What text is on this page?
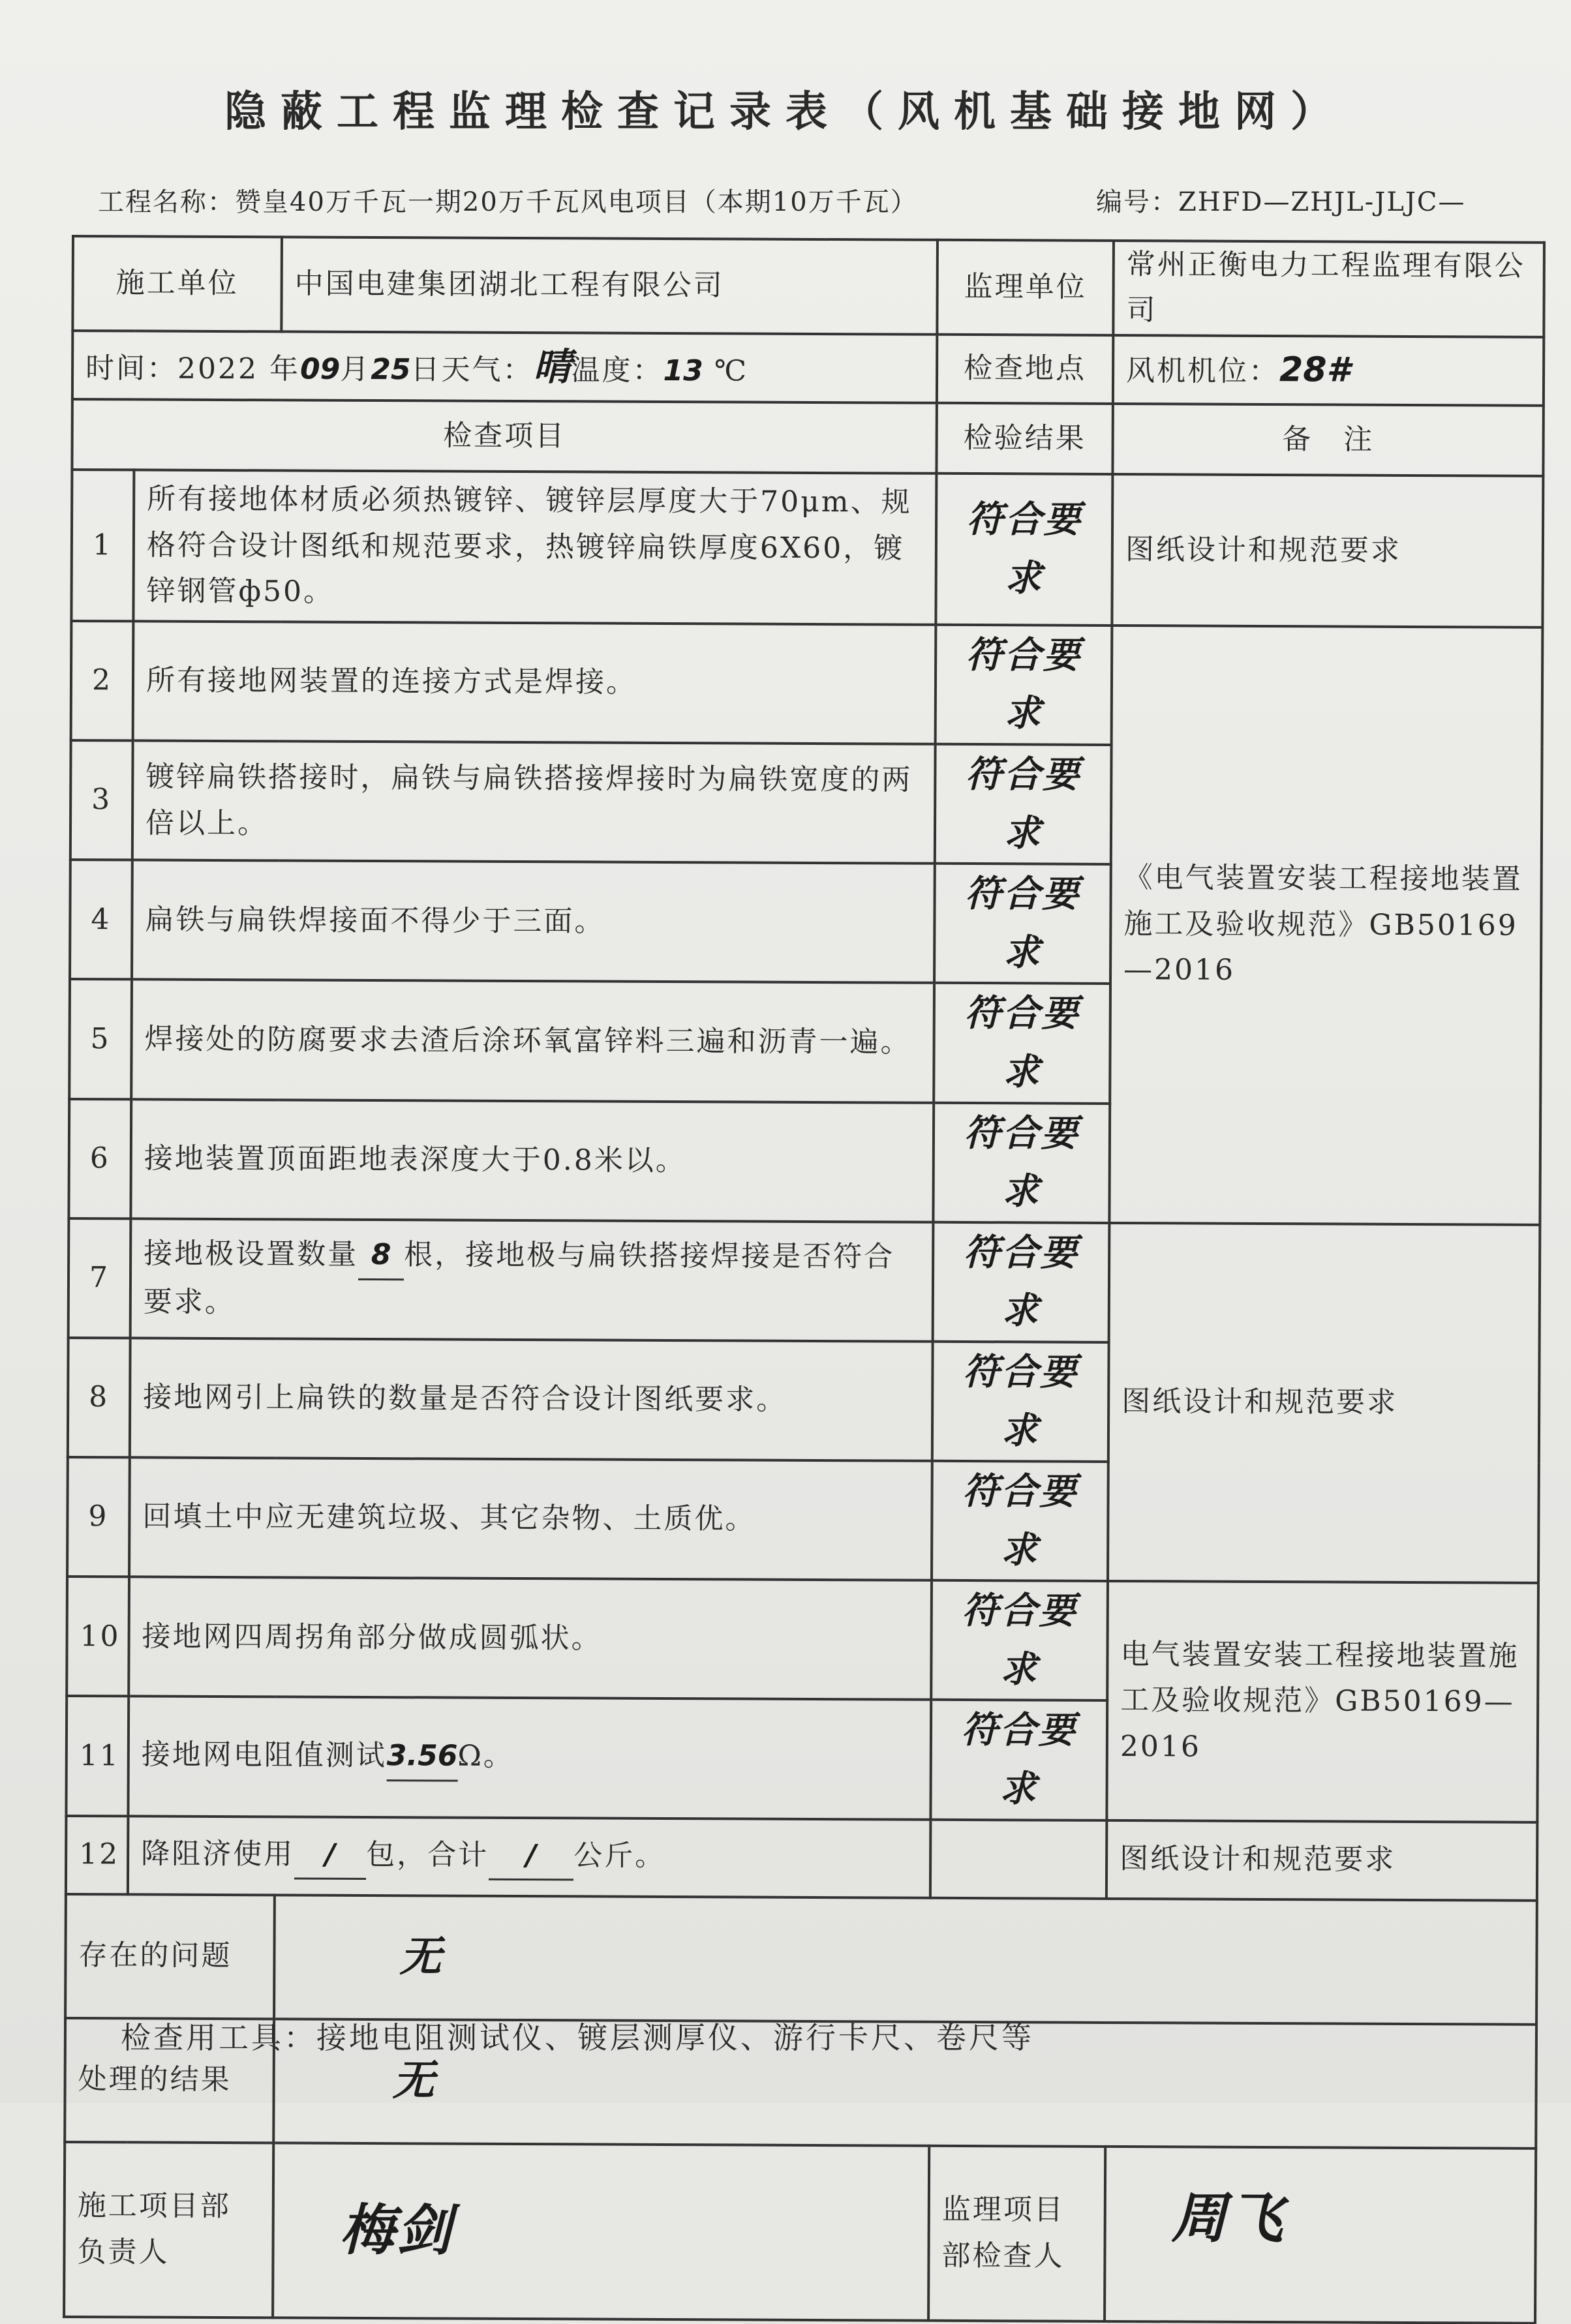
隐蔽工程监理检查记录表（风机基础接地网）
工程名称：赞皇40万千瓦一期20万千瓦风电项目（本期10万千瓦）	编号：ZHFD—ZHJL-JLJC—
施工单位		中国电建集团湖北工程有限公司	监理单位	常州正衡电力工程监理有限公司
时间：2022 年09月25日天气：晴温度：13 ℃			检查地点	风机机位：28#
检查项目			检验结果	备　注
1	所有接地体材质必须热镀锌、镀锌层厚度大于70μm、规格符合设计图纸和规范要求，热镀锌扁铁厚度6X60，镀锌钢管ф50。		符合要求	图纸设计和规范要求
2	所有接地网装置的连接方式是焊接。		符合要求	《电气装置安装工程接地装置施工及验收规范》GB50169—2016
3	镀锌扁铁搭接时，扁铁与扁铁搭接焊接时为扁铁宽度的两倍以上。		符合要求	
4	扁铁与扁铁焊接面不得少于三面。		符合要求	
5	焊接处的防腐要求去渣后涂环氧富锌料三遍和沥青一遍。		符合要求	
6	接地装置顶面距地表深度大于0.8米以。		符合要求	
7	接地极设置数量 8 根，接地极与扁铁搭接焊接是否符合要求。		符合要求	图纸设计和规范要求
8	接地网引上扁铁的数量是否符合设计图纸要求。		符合要求	
9	回填土中应无建筑垃圾、其它杂物、土质优。		符合要求	
10	接地网四周拐角部分做成圆弧状。		符合要求	电气装置安装工程接地装置施工及验收规范》GB50169—2016
11	接地网电阻值测试3.56Ω。		符合要求	
12	降阻济使用 / 包，合计 / 公斤。			图纸设计和规范要求
存在的问题		无		
处理的结果		无		
施工项目部负责人		梅剑	监理项目部检查人	周飞
检查用工具：接地电阻测试仪、镀层测厚仪、游行卡尺、卷尺等
